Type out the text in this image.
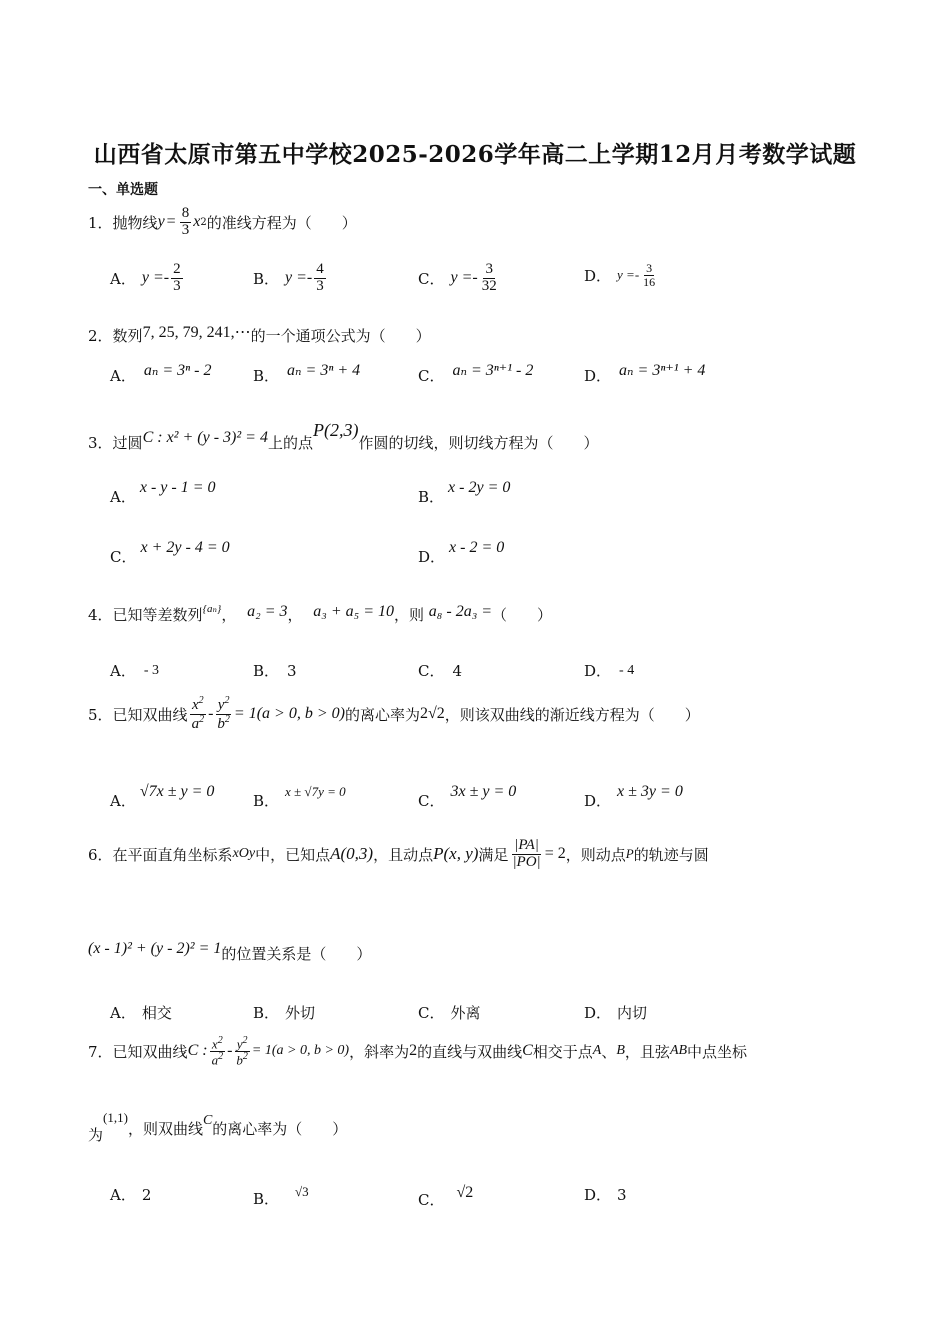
山西省太原市第五中学校2025-2026学年高二上学期12月月考数学试题
一、单选题
1． 抛物线 $y = \frac{8}{3}$ x 2 的准线方程为（　　）
A． $y =- \frac{2}{3}$	B． $y =- \frac{4}{3}$	C． $y =- \frac{3}{32}$	D． $y =- \frac{3}{16}$
2．数列7, 25, 79, 241,⋯的一个通项公式为（　　）
A． aₙ = 3ⁿ - 2	B． aₙ = 3ⁿ + 4	C． aₙ = 3ⁿ⁺¹ - 2	D． aₙ = 3ⁿ⁺¹ + 4
3．过圆C : x² + (y - 3)² = 4上的点P(2,3)作圆的切线，则切线方程为（　　）
A．x - y - 1 = 0
B．x - 2y = 0
C．x + 2y - 4 = 0
D．x - 2 = 0
4．已知等差数列$^{\{a_n\}}$， a₂ = 3， a₃ + a₅ = 10，则 a₈ - 2a₃ =（　　）
A． - 3	B． 3	C． 4	D． - 4
5． 已知双曲线 $\frac{x^2}{a^2} - \frac{y^2}{b^2} = 1(a > 0$, b > 0) 的离心率为 2√2 ，则该双曲线的渐近线方程为（　　）
A．√7x ± y = 0
B．x ± √7y = 0
C．3x ± y = 0
D．x ± 3y = 0
6． 在平面直角坐标系 xOy 中，已知点 A(0,3) ，且动点 P(x, y) 满足 $\frac{|PA|}{|PO|} = 2$ ，则动点 P 的轨迹与圆
(x - 1)² + (y - 2)² = 1的位置关系是（　　）
A． 相交	B． 外切	C． 外离	D． 内切
7． 已知双曲线 C : $\frac{x^2}{a^2} - \frac{y^2}{b^2} = 1(a > 0$, b > 0) ，斜率为 2 的直线与双曲线 C 相交于点 A 、 B ，且弦 AB 中点坐标
为(1,1)，则双曲线C的离心率为（　　）
A． 2	B． √3	C． √2	D． 3
